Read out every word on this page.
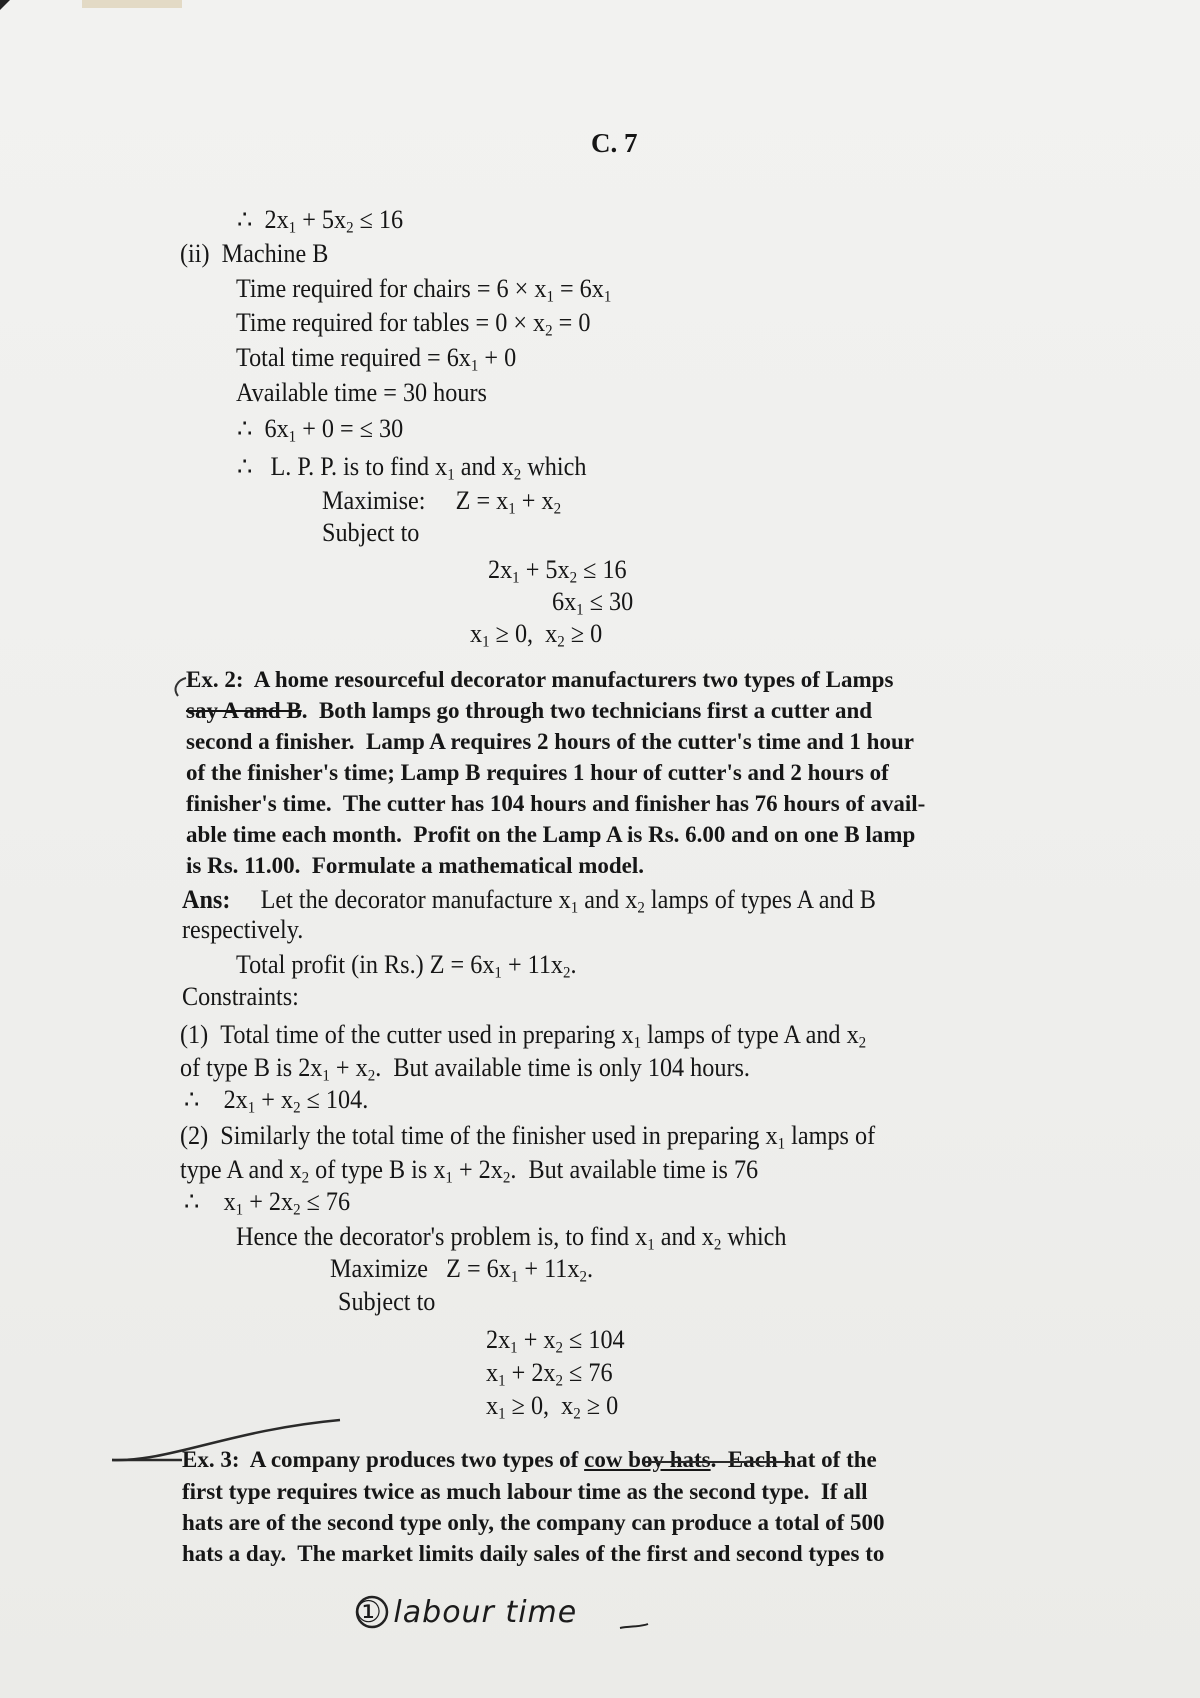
C. 7
∴  $2x_1 + 5x_2 \le 16$
(ii)  Machine B
Time required for chairs = $6 \times x_1 = 6x_1$
Time required for tables = $0 \times x_2 = 0$
Total time required = $6x_1 + 0$
Available time = 30 hours
∴  $6x_1 + 0$ = ≤ 30
∴   L. P. P. is to find $x_1$ and $x_2$ which
Maximise:     $Z = x_1 + x_2$
Subject to
$2x_1 + 5x_2 \le 16$
$6x_1 \le 30$
$x_1 \ge 0$,  $x_2 \ge 0$
Ex. 2:  A home resourceful decorator manufacturers two types of Lamps
say A and B.  Both lamps go through two technicians first a cutter and
second a finisher.  Lamp A requires 2 hours of the cutter's time and 1 hour
of the finisher's time; Lamp B requires 1 hour of cutter's and 2 hours of
finisher's time.  The cutter has 104 hours and finisher has 76 hours of avail-
able time each month.  Profit on the Lamp A is Rs. 6.00 and on one B lamp
is Rs. 11.00.  Formulate a mathematical model.
Ans:     Let the decorator manufacture $x_1$ and $x_2$ lamps of types A and B
respectively.
Total profit (in Rs.) $Z = 6x_1 + 11x_2$.
Constraints:
(1)  Total time of the cutter used in preparing $x_1$ lamps of type A and $x_2$
of type B is $2x_1 + x_2$.  But available time is only 104 hours.
∴    $2x_1 + x_2 \le 104$.
(2)  Similarly the total time of the finisher used in preparing $x_1$ lamps of
type A and $x_2$ of type B is $x_1 + 2x_2$.  But available time is 76
∴    $x_1 + 2x_2 \le 76$
Hence the decorator's problem is, to find $x_1$ and $x_2$ which
Maximize   $Z = 6x_1 + 11x_2$.
Subject to
$2x_1 + x_2 \le 104$
$x_1 + 2x_2 \le 76$
$x_1 \ge 0$,  $x_2 \ge 0$
Ex. 3:  A company produces two types of cow boy hats.  Each hat of the
first type requires twice as much labour time as the second type.  If all
hats are of the second type only, the company can produce a total of 500
hats a day.  The market limits daily sales of the first and second types to
① labour time
